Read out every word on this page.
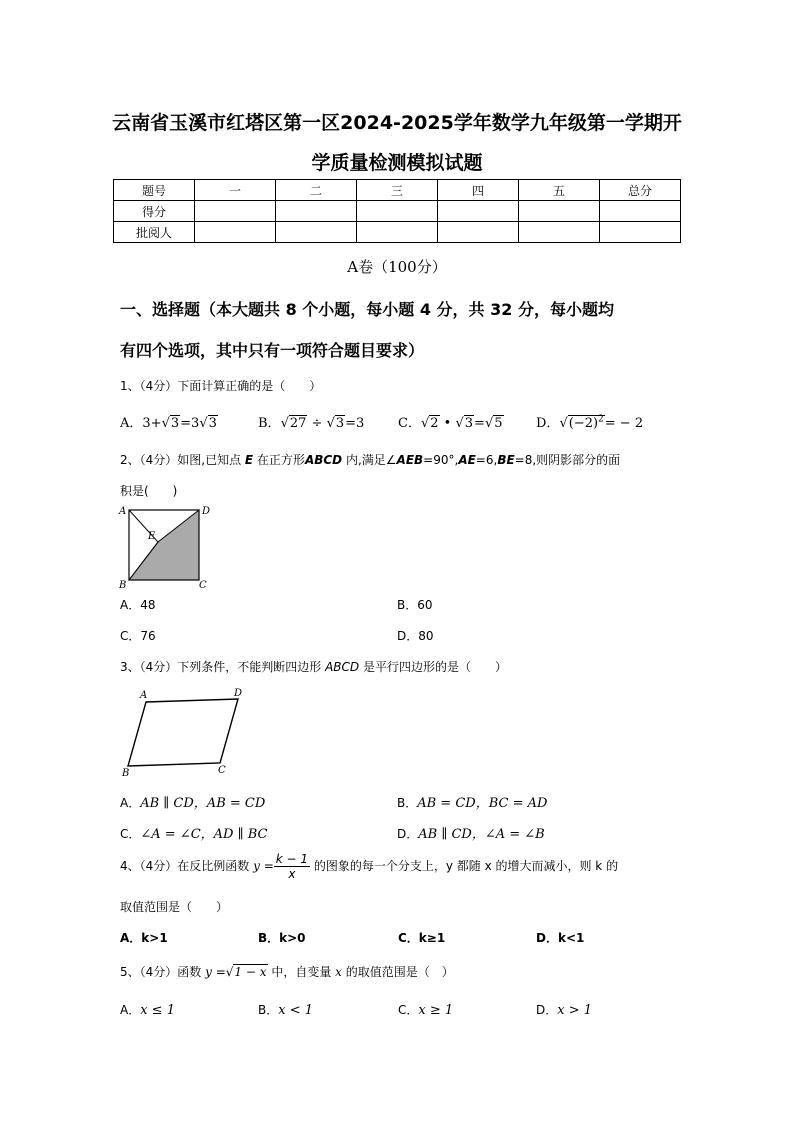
云南省玉溪市红塔区第一区2024-2025学年数学九年级第一学期开
学质量检测模拟试题
题号	一	二	三	四	五	总分
得分						
批阅人						
A卷（100分）
一、选择题（本大题共 8 个小题，每小题 4 分，共 32 分，每小题均
有四个选项，其中只有一项符合题目要求）
1、（4分）下面计算正确的是（　　）
A．3+√3=3√3	B．√27 ÷ √3=3	C．√2 • √3=√5	D．$√(-2)^2= - 2$
2、（4分）如图,已知点 E 在正方形ABCD 内,满足∠AEB=90°,AE=6,BE=8,则阴影部分的面
积是(　　)
A	D
B	C
E
A．48	B．60
C．76	D．80
3、（4分）下列条件，不能判断四边形 ABCD 是平行四边形的是（　　）
A	D
B	C
A．AB ∥ CD，AB = CD	B．AB = CD，BC = AD
C．∠A = ∠C，AD ∥ BC	D．AB ∥ CD，∠A = ∠B
4、（4分）在反比例函数 $y = \frac{k - 1}{x}$ 的图象的每一个分支上，y 都随 x 的增大而减小，则 k 的
取值范围是（　　）
A．k>1	B．k>0	C．k≥1	D．k<1
5、（4分）函数 y =√1 − x 中，自变量 x 的取值范围是（　）
A．x ≤ 1	B．x < 1	C．x ≥ 1	D．x > 1
